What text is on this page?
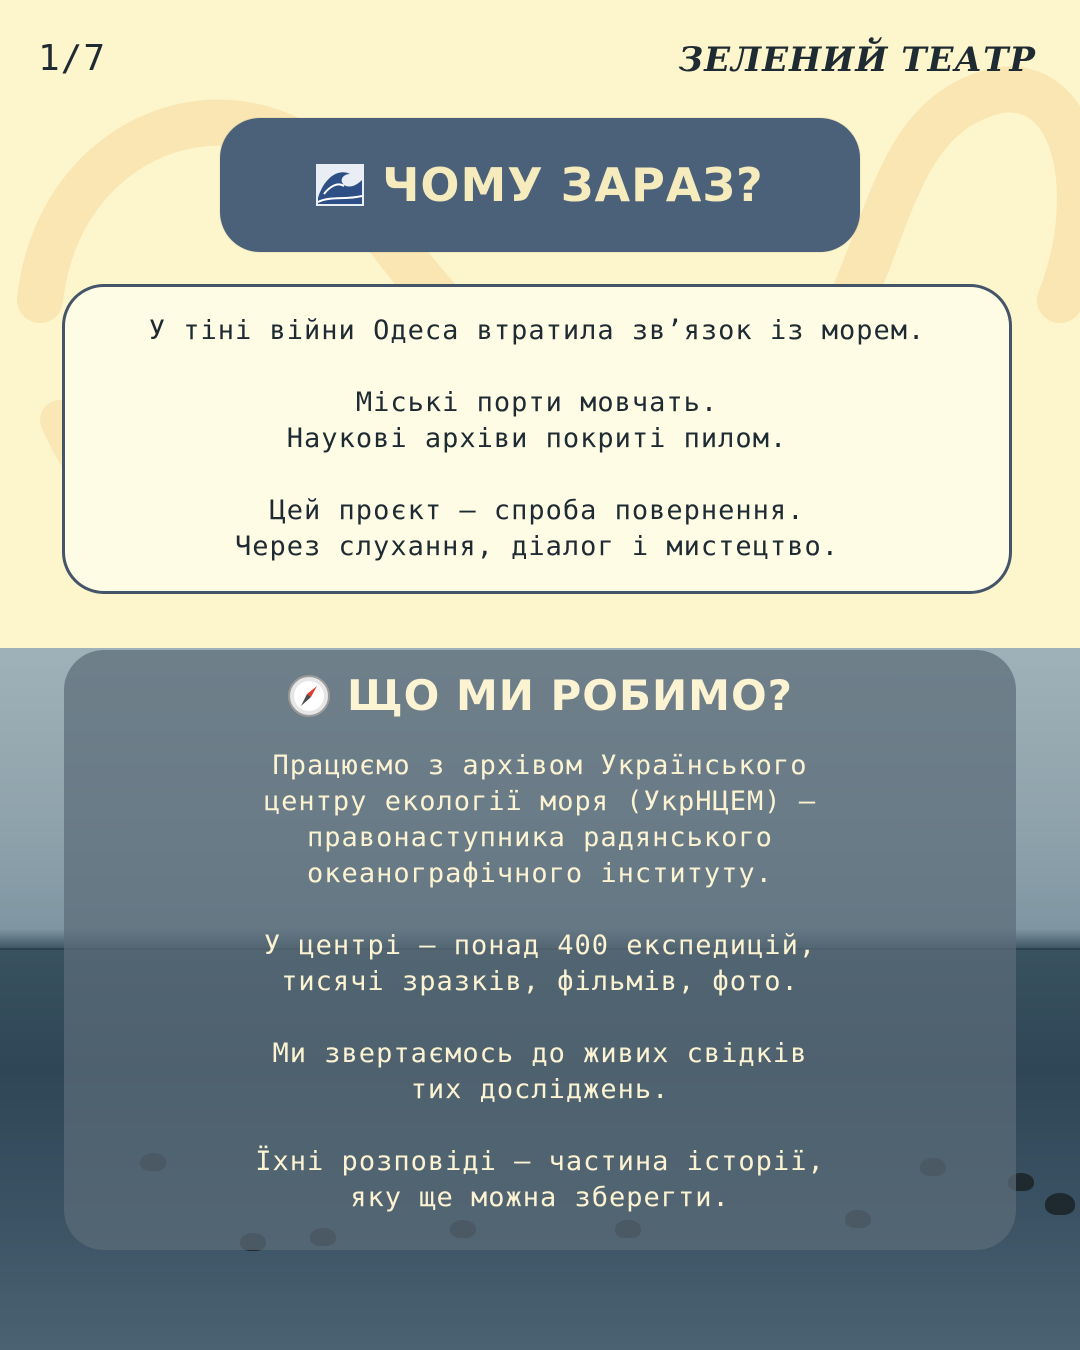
1/7	ЗЕЛЕНИЙ ТЕАТР
ЧОМУ ЗАРАЗ?

У тіні війни Одеса втратила зв’язок із морем.

Міські порти мовчать.

Наукові архіви покриті пилом.

Цей проєкт — спроба повернення.

Через слухання, діалог і мистецтво.

ЩО МИ РОБИМО?

Працюємо з архівом Українського

центру екології моря (УкрНЦЕМ) —

правонаступника радянського

океанографічного інституту.

У центрі — понад 400 експедицій,

тисячі зразків, фільмів, фото.

Ми звертаємось до живих свідків

тих досліджень.

Їхні розповіді — частина історії,

яку ще можна зберегти.
